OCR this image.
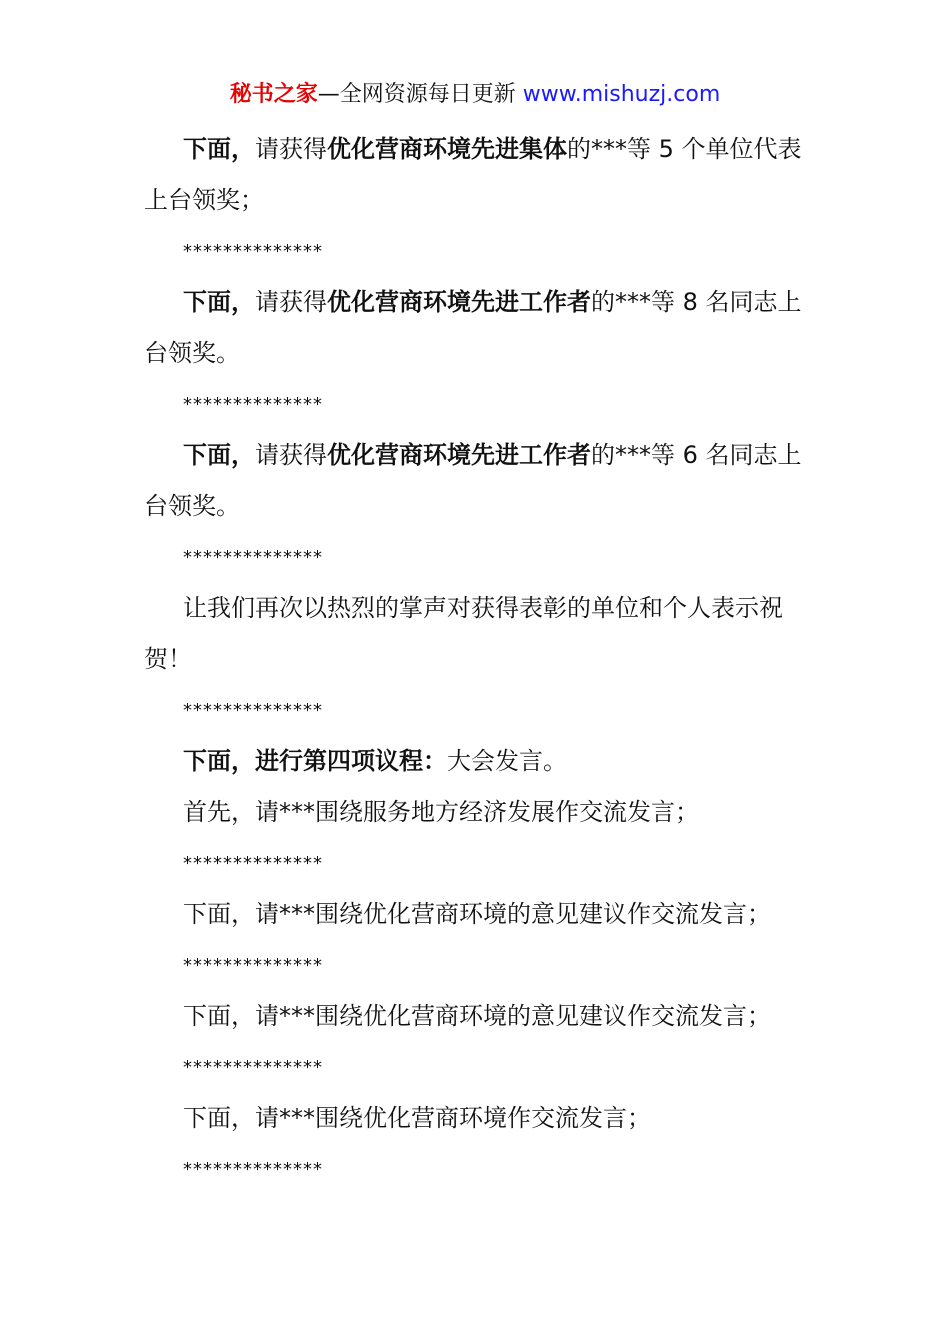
秘书之家—全网资源每日更新 www.mishuzj.com

下面，请获得优化营商环境先进集体的***等 5 个单位代表上台领奖；

**************

下面，请获得优化营商环境先进工作者的***等 8 名同志上台领奖。

**************

下面，请获得优化营商环境先进工作者的***等 6 名同志上台领奖。

**************

让我们再次以热烈的掌声对获得表彰的单位和个人表示祝贺！

**************

下面，进行第四项议程：大会发言。

首先，请***围绕服务地方经济发展作交流发言；

**************

下面，请***围绕优化营商环境的意见建议作交流发言；

**************

下面，请***围绕优化营商环境的意见建议作交流发言；

**************

下面，请***围绕优化营商环境作交流发言；

**************
